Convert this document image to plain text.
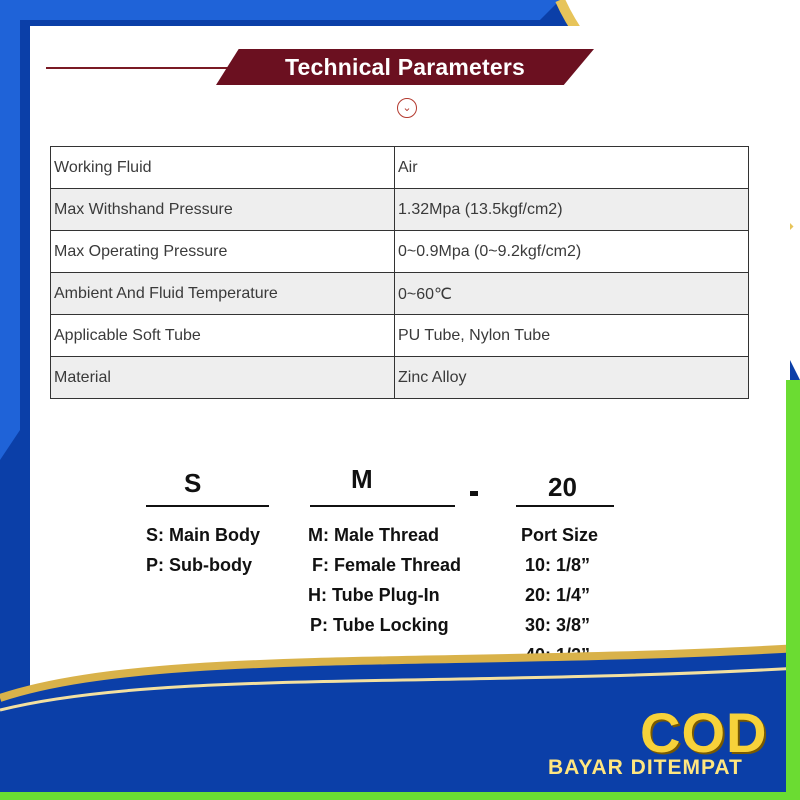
Technical Parameters
⌄
Working Fluid	Air
Max Withshand Pressure	1.32Mpa (13.5kgf/cm2)
Max Operating Pressure	0~0.9Mpa (0~9.2kgf/cm2)
Ambient And Fluid Temperature	0~60℃
Applicable Soft Tube	PU Tube, Nylon Tube
Material	Zinc Alloy
S	M	20
S: Main Body
P: Sub-body
M: Male Thread
F: Female Thread
H: Tube Plug-In
P: Tube Locking
Port Size
10: 1/8”
20: 1/4”
30: 3/8”
40: 1/2”
COD
BAYAR DITEMPAT
